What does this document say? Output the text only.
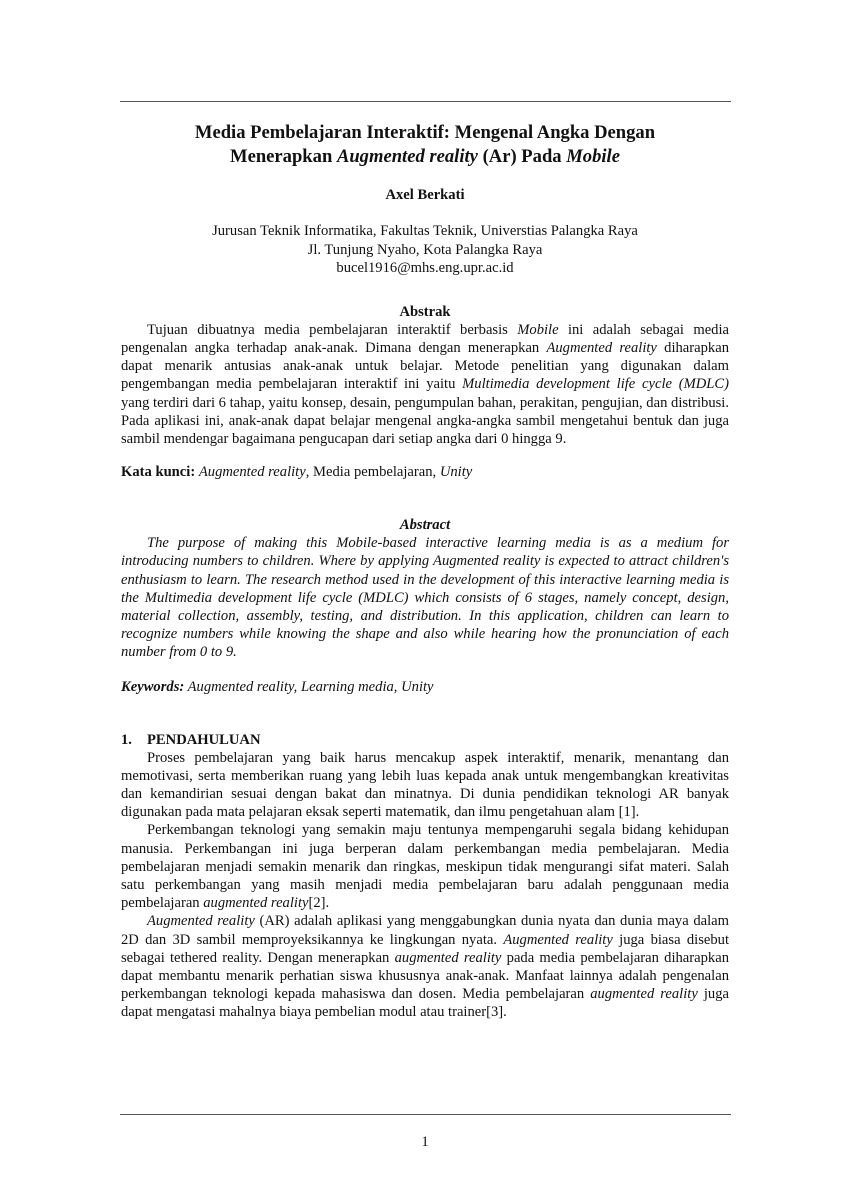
Media Pembelajaran Interaktif: Mengenal Angka Dengan
Menerapkan Augmented reality (Ar) Pada Mobile

Axel Berkati

Jurusan Teknik Informatika, Fakultas Teknik, Universtias Palangka Raya
Jl. Tunjung Nyaho, Kota Palangka Raya
bucel1916@mhs.eng.upr.ac.id

Abstrak

Tujuan dibuatnya media pembelajaran interaktif berbasis Mobile ini adalah sebagai media pengenalan angka terhadap anak-anak. Dimana dengan menerapkan Augmented reality diharapkan dapat menarik antusias anak-anak untuk belajar. Metode penelitian yang digunakan dalam pengembangan media pembelajaran interaktif ini yaitu Multimedia development life cycle (MDLC) yang terdiri dari 6 tahap, yaitu konsep, desain, pengumpulan bahan, perakitan, pengujian, dan distribusi. Pada aplikasi ini, anak-anak dapat belajar mengenal angka-angka sambil mengetahui bentuk dan juga sambil mendengar bagaimana pengucapan dari setiap angka dari 0 hingga 9.

Kata kunci: Augmented reality, Media pembelajaran, Unity

Abstract

The purpose of making this Mobile-based interactive learning media is as a medium for introducing numbers to children. Where by applying Augmented reality is expected to attract children's enthusiasm to learn. The research method used in the development of this interactive learning media is the Multimedia development life cycle (MDLC) which consists of 6 stages, namely concept, design, material collection, assembly, testing, and distribution. In this application, children can learn to recognize numbers while knowing the shape and also while hearing how the pronunciation of each number from 0 to 9.

Keywords: Augmented reality, Learning media, Unity

1. PENDAHULUAN

Proses pembelajaran yang baik harus mencakup aspek interaktif, menarik, menantang dan memotivasi, serta memberikan ruang yang lebih luas kepada anak untuk mengembangkan kreativitas dan kemandirian sesuai dengan bakat dan minatnya. Di dunia pendidikan teknologi AR banyak digunakan pada mata pelajaran eksak seperti matematik, dan ilmu pengetahuan alam [1].

Perkembangan teknologi yang semakin maju tentunya mempengaruhi segala bidang kehidupan manusia. Perkembangan ini juga berperan dalam perkembangan media pembelajaran. Media pembelajaran menjadi semakin menarik dan ringkas, meskipun tidak mengurangi sifat materi. Salah satu perkembangan yang masih menjadi media pembelajaran baru adalah penggunaan media pembelajaran augmented reality[2].

Augmented reality (AR) adalah aplikasi yang menggabungkan dunia nyata dan dunia maya dalam 2D dan 3D sambil memproyeksikannya ke lingkungan nyata. Augmented reality juga biasa disebut sebagai tethered reality. Dengan menerapkan augmented reality pada media pembelajaran diharapkan dapat membantu menarik perhatian siswa khususnya anak-anak. Manfaat lainnya adalah pengenalan perkembangan teknologi kepada mahasiswa dan dosen. Media pembelajaran augmented reality juga dapat mengatasi mahalnya biaya pembelian modul atau trainer[3].

1
